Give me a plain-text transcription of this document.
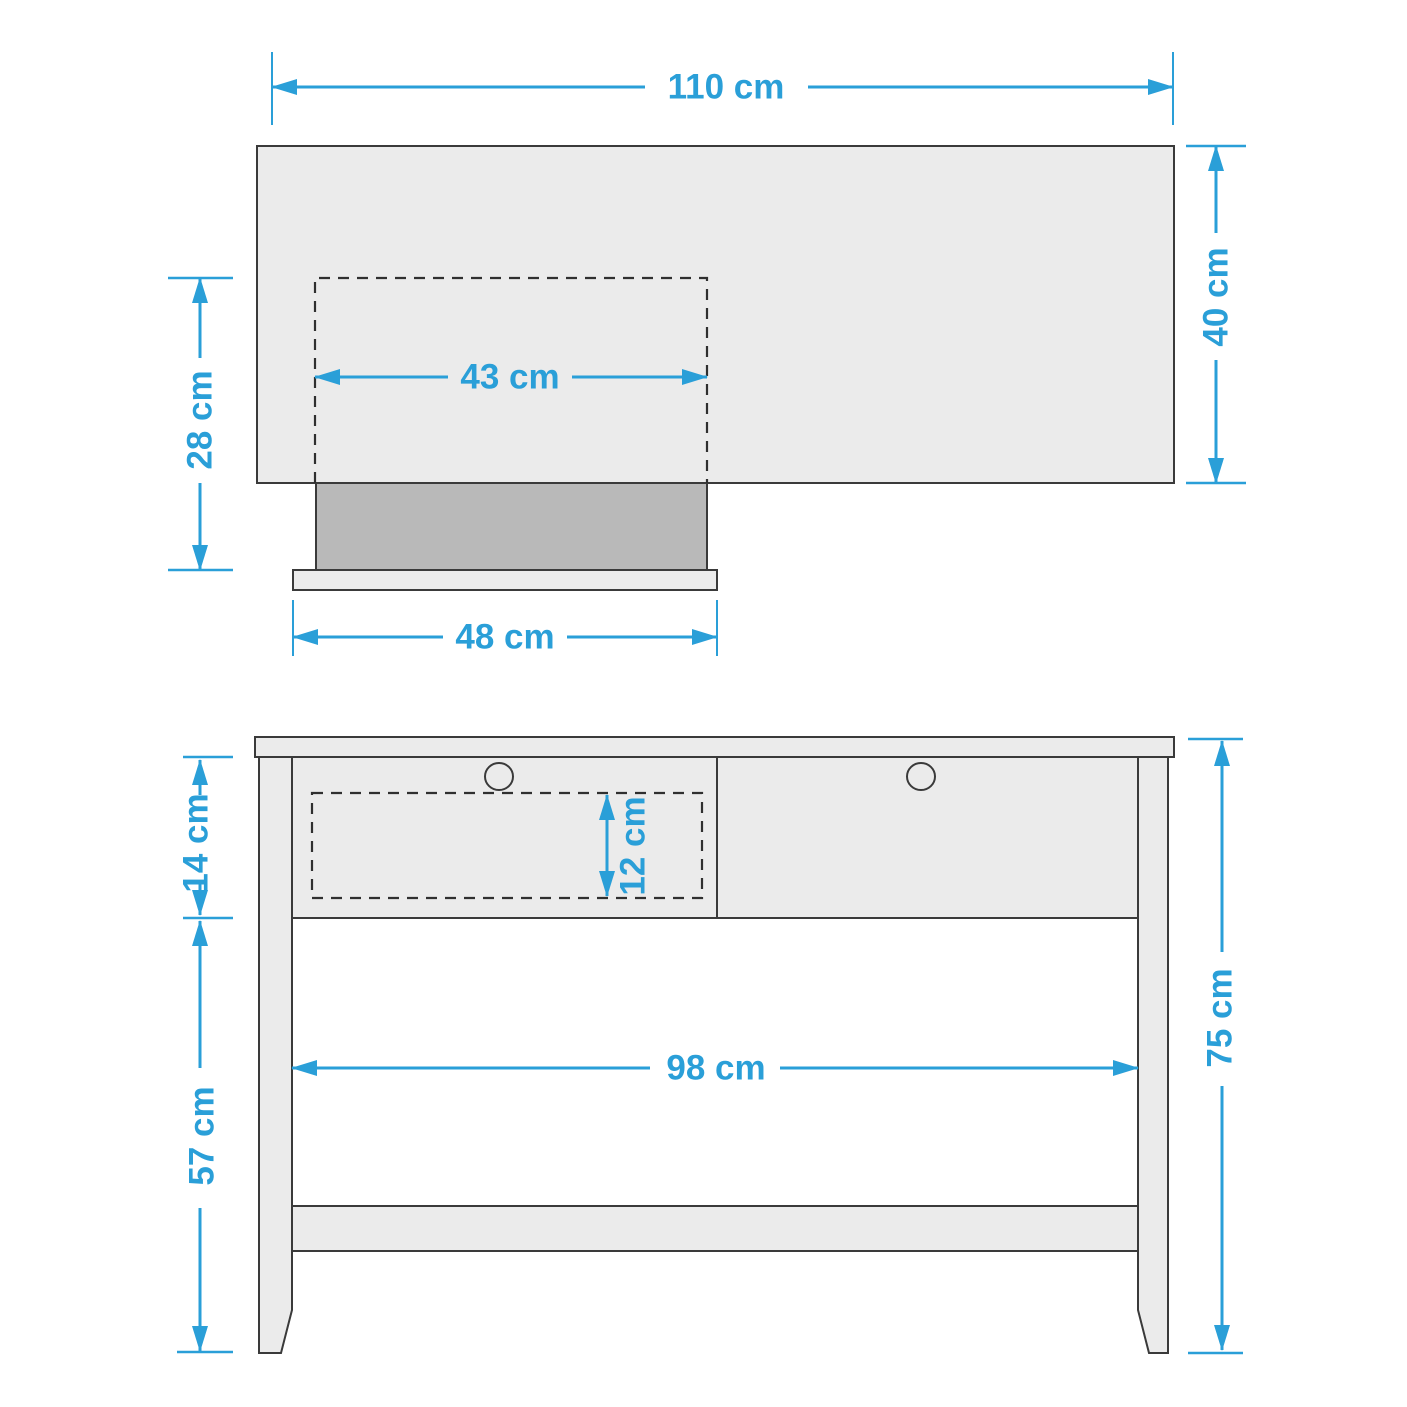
110 cm
40 cm
43 cm
28 cm
48 cm
14 cm	12 cm
57 cm
98 cm
75 cm
